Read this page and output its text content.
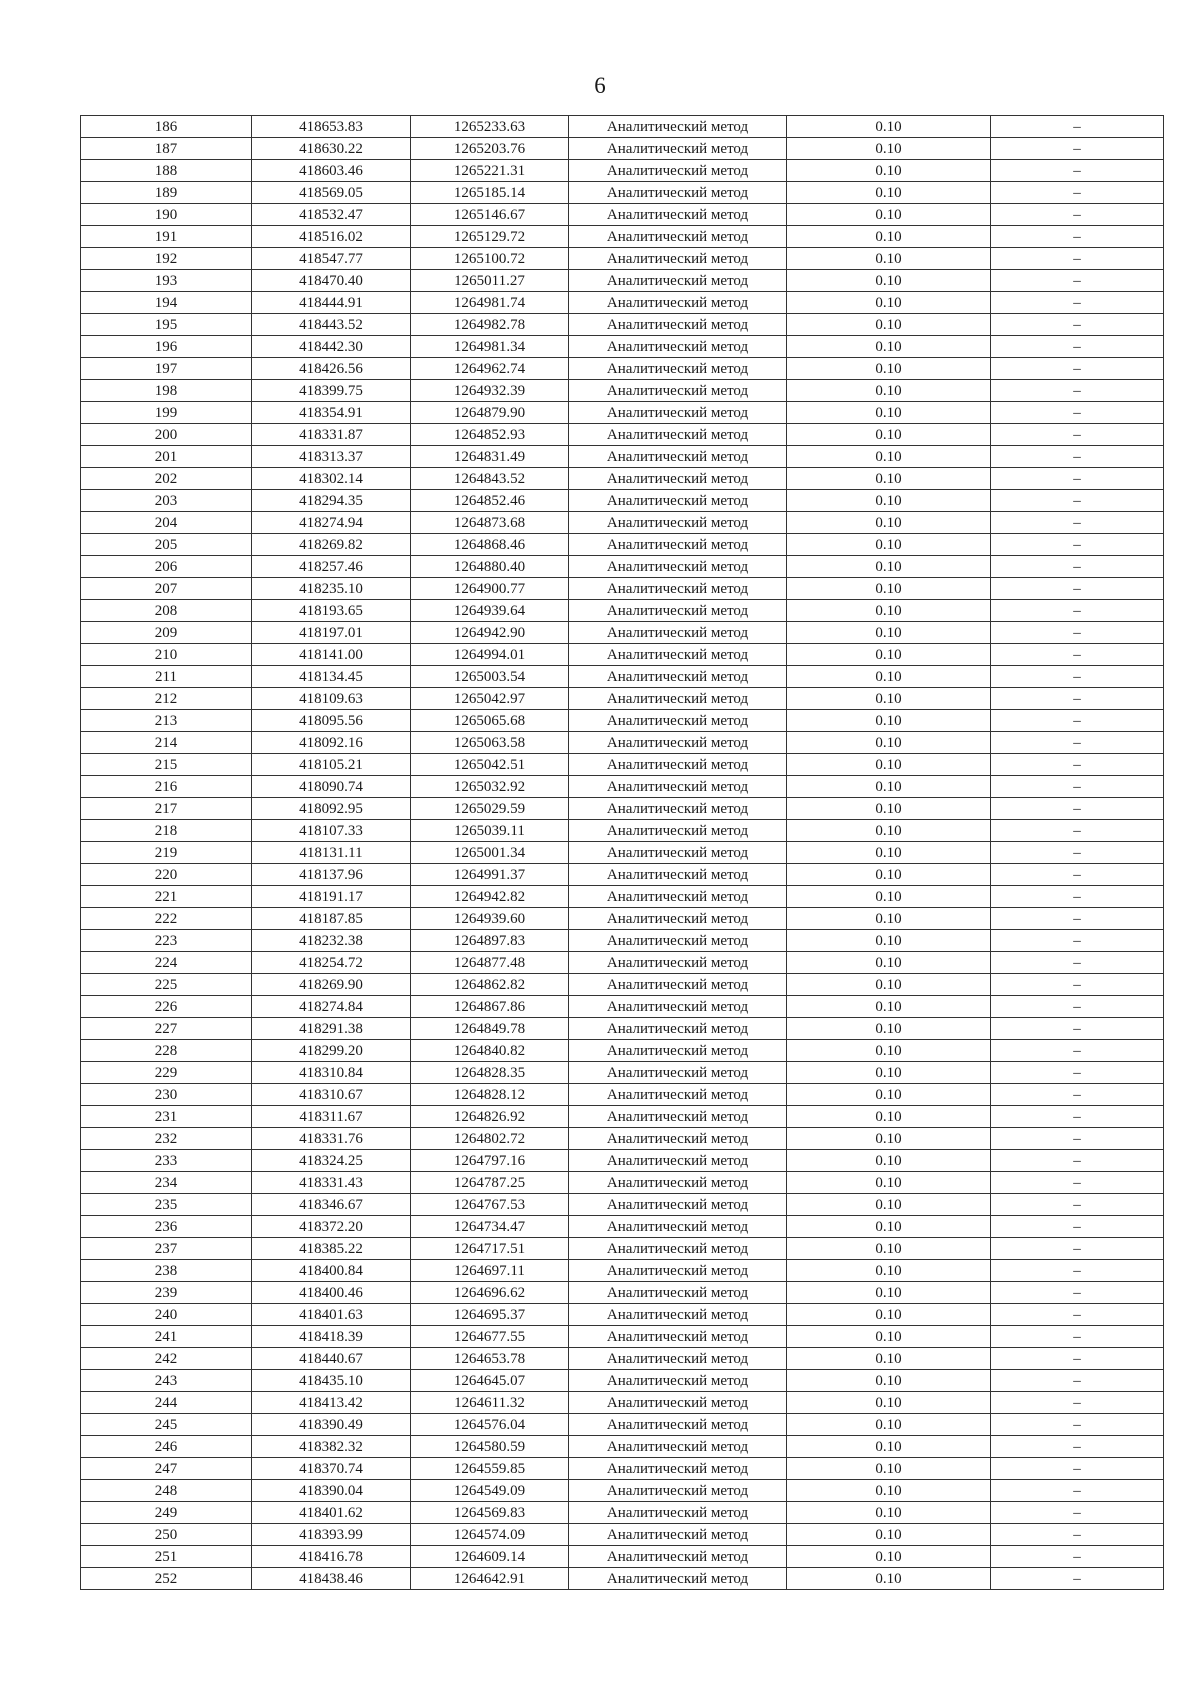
6
186	418653.83	1265233.63	Аналитический метод	0.10	–
187	418630.22	1265203.76	Аналитический метод	0.10	–
188	418603.46	1265221.31	Аналитический метод	0.10	–
189	418569.05	1265185.14	Аналитический метод	0.10	–
190	418532.47	1265146.67	Аналитический метод	0.10	–
191	418516.02	1265129.72	Аналитический метод	0.10	–
192	418547.77	1265100.72	Аналитический метод	0.10	–
193	418470.40	1265011.27	Аналитический метод	0.10	–
194	418444.91	1264981.74	Аналитический метод	0.10	–
195	418443.52	1264982.78	Аналитический метод	0.10	–
196	418442.30	1264981.34	Аналитический метод	0.10	–
197	418426.56	1264962.74	Аналитический метод	0.10	–
198	418399.75	1264932.39	Аналитический метод	0.10	–
199	418354.91	1264879.90	Аналитический метод	0.10	–
200	418331.87	1264852.93	Аналитический метод	0.10	–
201	418313.37	1264831.49	Аналитический метод	0.10	–
202	418302.14	1264843.52	Аналитический метод	0.10	–
203	418294.35	1264852.46	Аналитический метод	0.10	–
204	418274.94	1264873.68	Аналитический метод	0.10	–
205	418269.82	1264868.46	Аналитический метод	0.10	–
206	418257.46	1264880.40	Аналитический метод	0.10	–
207	418235.10	1264900.77	Аналитический метод	0.10	–
208	418193.65	1264939.64	Аналитический метод	0.10	–
209	418197.01	1264942.90	Аналитический метод	0.10	–
210	418141.00	1264994.01	Аналитический метод	0.10	–
211	418134.45	1265003.54	Аналитический метод	0.10	–
212	418109.63	1265042.97	Аналитический метод	0.10	–
213	418095.56	1265065.68	Аналитический метод	0.10	–
214	418092.16	1265063.58	Аналитический метод	0.10	–
215	418105.21	1265042.51	Аналитический метод	0.10	–
216	418090.74	1265032.92	Аналитический метод	0.10	–
217	418092.95	1265029.59	Аналитический метод	0.10	–
218	418107.33	1265039.11	Аналитический метод	0.10	–
219	418131.11	1265001.34	Аналитический метод	0.10	–
220	418137.96	1264991.37	Аналитический метод	0.10	–
221	418191.17	1264942.82	Аналитический метод	0.10	–
222	418187.85	1264939.60	Аналитический метод	0.10	–
223	418232.38	1264897.83	Аналитический метод	0.10	–
224	418254.72	1264877.48	Аналитический метод	0.10	–
225	418269.90	1264862.82	Аналитический метод	0.10	–
226	418274.84	1264867.86	Аналитический метод	0.10	–
227	418291.38	1264849.78	Аналитический метод	0.10	–
228	418299.20	1264840.82	Аналитический метод	0.10	–
229	418310.84	1264828.35	Аналитический метод	0.10	–
230	418310.67	1264828.12	Аналитический метод	0.10	–
231	418311.67	1264826.92	Аналитический метод	0.10	–
232	418331.76	1264802.72	Аналитический метод	0.10	–
233	418324.25	1264797.16	Аналитический метод	0.10	–
234	418331.43	1264787.25	Аналитический метод	0.10	–
235	418346.67	1264767.53	Аналитический метод	0.10	–
236	418372.20	1264734.47	Аналитический метод	0.10	–
237	418385.22	1264717.51	Аналитический метод	0.10	–
238	418400.84	1264697.11	Аналитический метод	0.10	–
239	418400.46	1264696.62	Аналитический метод	0.10	–
240	418401.63	1264695.37	Аналитический метод	0.10	–
241	418418.39	1264677.55	Аналитический метод	0.10	–
242	418440.67	1264653.78	Аналитический метод	0.10	–
243	418435.10	1264645.07	Аналитический метод	0.10	–
244	418413.42	1264611.32	Аналитический метод	0.10	–
245	418390.49	1264576.04	Аналитический метод	0.10	–
246	418382.32	1264580.59	Аналитический метод	0.10	–
247	418370.74	1264559.85	Аналитический метод	0.10	–
248	418390.04	1264549.09	Аналитический метод	0.10	–
249	418401.62	1264569.83	Аналитический метод	0.10	–
250	418393.99	1264574.09	Аналитический метод	0.10	–
251	418416.78	1264609.14	Аналитический метод	0.10	–
252	418438.46	1264642.91	Аналитический метод	0.10	–
